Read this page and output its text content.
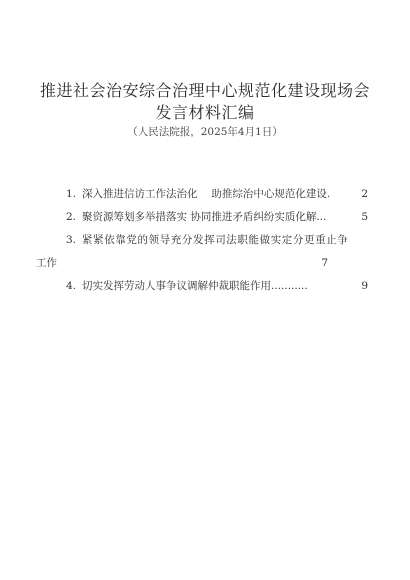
推进社会治安综合治理中心规范化建设现场会
发言材料汇编
（人民法院报，2025年4月1日）
1. 深入推进信访工作法治化　 助推综治中心规范化建设.	2
2. 聚资源筹划多举措落实 协同推进矛盾纠纷实质化解...	5
3. 紧紧依靠党的领导充分发挥司法职能做实定分更重止争
工作	7
4. 切实发挥劳动人事争议调解仲裁职能作用...........	9
